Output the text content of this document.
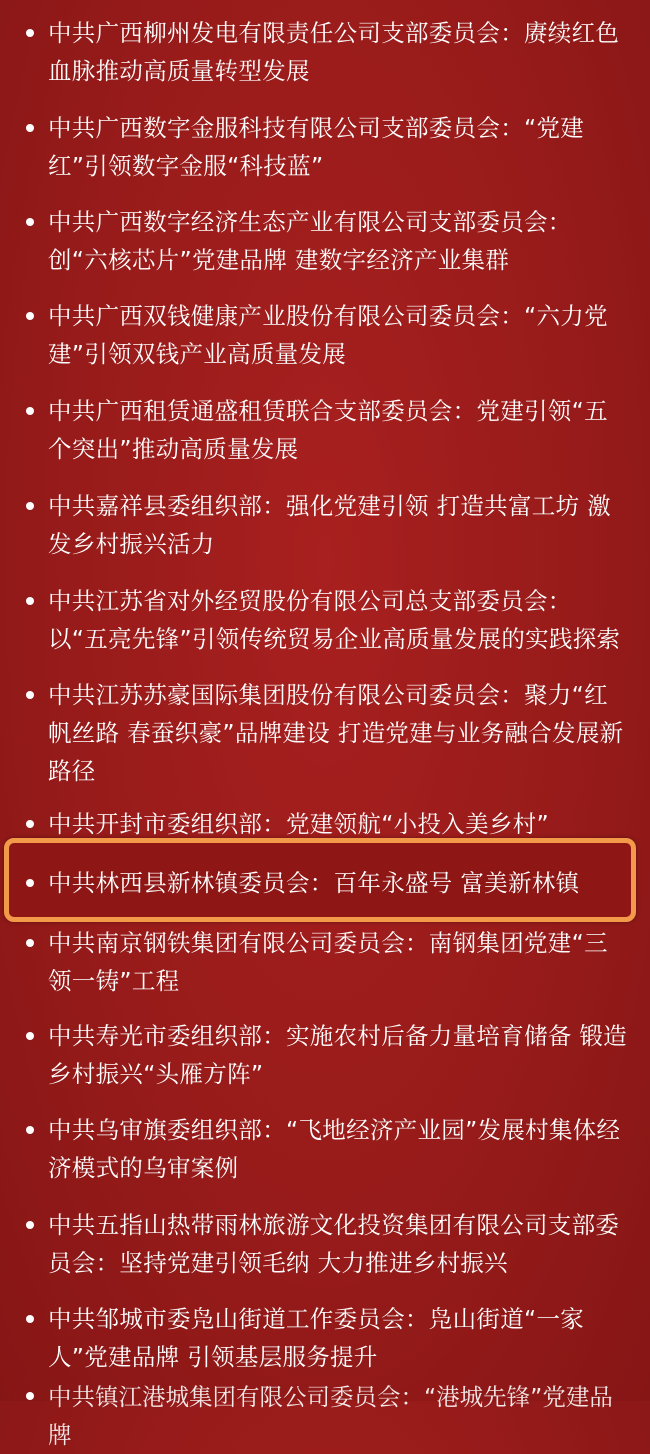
中共广西柳州发电有限责任公司支部委员会：赓续红色血脉推动高质量转型发展
中共广西数字金服科技有限公司支部委员会：“党建红”引领数字金服“科技蓝”
中共广西数字经济生态产业有限公司支部委员会：创“六核芯片”党建品牌 建数字经济产业集群
中共广西双钱健康产业股份有限公司委员会：“六力党建”引领双钱产业高质量发展
中共广西租赁通盛租赁联合支部委员会：党建引领“五个突出”推动高质量发展
中共嘉祥县委组织部：强化党建引领 打造共富工坊 激发乡村振兴活力
中共江苏省对外经贸股份有限公司总支部委员会：以“五亮先锋”引领传统贸易企业高质量发展的实践探索
中共江苏苏豪国际集团股份有限公司委员会：聚力“红帆丝路 春蚕织豪”品牌建设 打造党建与业务融合发展新路径
中共开封市委组织部：党建领航“小投入美乡村”
中共林西县新林镇委员会：百年永盛号 富美新林镇
中共南京钢铁集团有限公司委员会：南钢集团党建“三领一铸”工程
中共寿光市委组织部：实施农村后备力量培育储备 锻造乡村振兴“头雁方阵”
中共乌审旗委组织部：“飞地经济产业园”发展村集体经济模式的乌审案例
中共五指山热带雨林旅游文化投资集团有限公司支部委员会：坚持党建引领毛纳 大力推进乡村振兴
中共邹城市委凫山街道工作委员会：凫山街道“一家人”党建品牌 引领基层服务提升
中共镇江港城集团有限公司委员会：“港城先锋”党建品牌
